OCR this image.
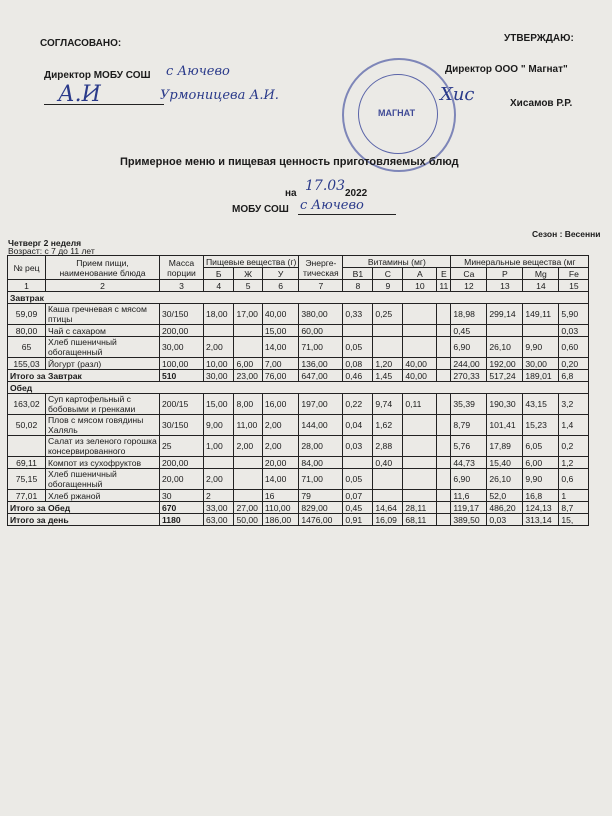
СОГЛАСОВАНО:	УТВЕРЖДАЮ:
Директор МОБУ СОШ с Аючево
А.И	Урмоницева А.И.
МАГНАТ
Директор ООО " Магнат"
Хис	Хисамов Р.Р.
Примерное меню и пищевая ценность приготовляемых блюд
на 17.03 2022
МОБУ СОШ с Аючево
Четверг 2 неделя
Сезон : Весенни
Возраст: с 7 до 11 лет
№ рец	Прием пищи, наименование блюда	Масса порции	Пищевые вещества (г)			Энерге-тическая	Витамины (мг)				Минеральные вещества (мг			
			Б	Ж	У		В1	С	А	Е	Са	Р	Mg	Fe
1	2	3	4	5	6	7	8	9	10	11	12	13	14	15
Завтрак														
59,09	Каша гречневая с мясом птицы	30/150	18,00	17,00	40,00	380,00	0,33	0,25			18,98	299,14	149,11	5,90
80,00	Чай с сахаром	200,00			15,00	60,00					0,45			0,03
65	Хлеб пшеничный обогащенный	30,00	2,00		14,00	71,00	0,05				6,90	26,10	9,90	0,60
155,03	Йогурт (разл)	100,00	10,00	6,00	7,00	136,00	0,08	1,20	40,00		244,00	192,00	30,00	0,20
Итого за Завтрак		510	30,00	23,00	76,00	647,00	0,46	1,45	40,00		270,33	517,24	189,01	6,8
Обед														
163,02	Суп картофельный с бобовыми и гренками	200/15	15,00	8,00	16,00	197,00	0,22	9,74	0,11		35,39	190,30	43,15	3,2
50,02	Плов с мясом говядины Халяль	30/150	9,00	11,00	2,00	144,00	0,04	1,62			8,79	101,41	15,23	1,4
	Салат из зеленого горошка консервированного	25	1,00	2,00	2,00	28,00	0,03	2,88			5,76	17,89	6,05	0,2
69,11	Компот из сухофруктов	200,00			20,00	84,00		0,40			44,73	15,40	6,00	1,2
75,15	Хлеб пшеничный обогащенный	20,00	2,00		14,00	71,00	0,05				6,90	26,10	9,90	0,6
77,01	Хлеб ржаной	30	2		16	79	0,07				11,6	52,0	16,8	1
Итого за Обед		670	33,00	27,00	110,00	829,00	0,45	14,64	28,11		119,17	486,20	124,13	8,7
Итого за день		1180	63,00	50,00	186,00	1476,00	0,91	16,09	68,11		389,50	0,03	313,14	15,
